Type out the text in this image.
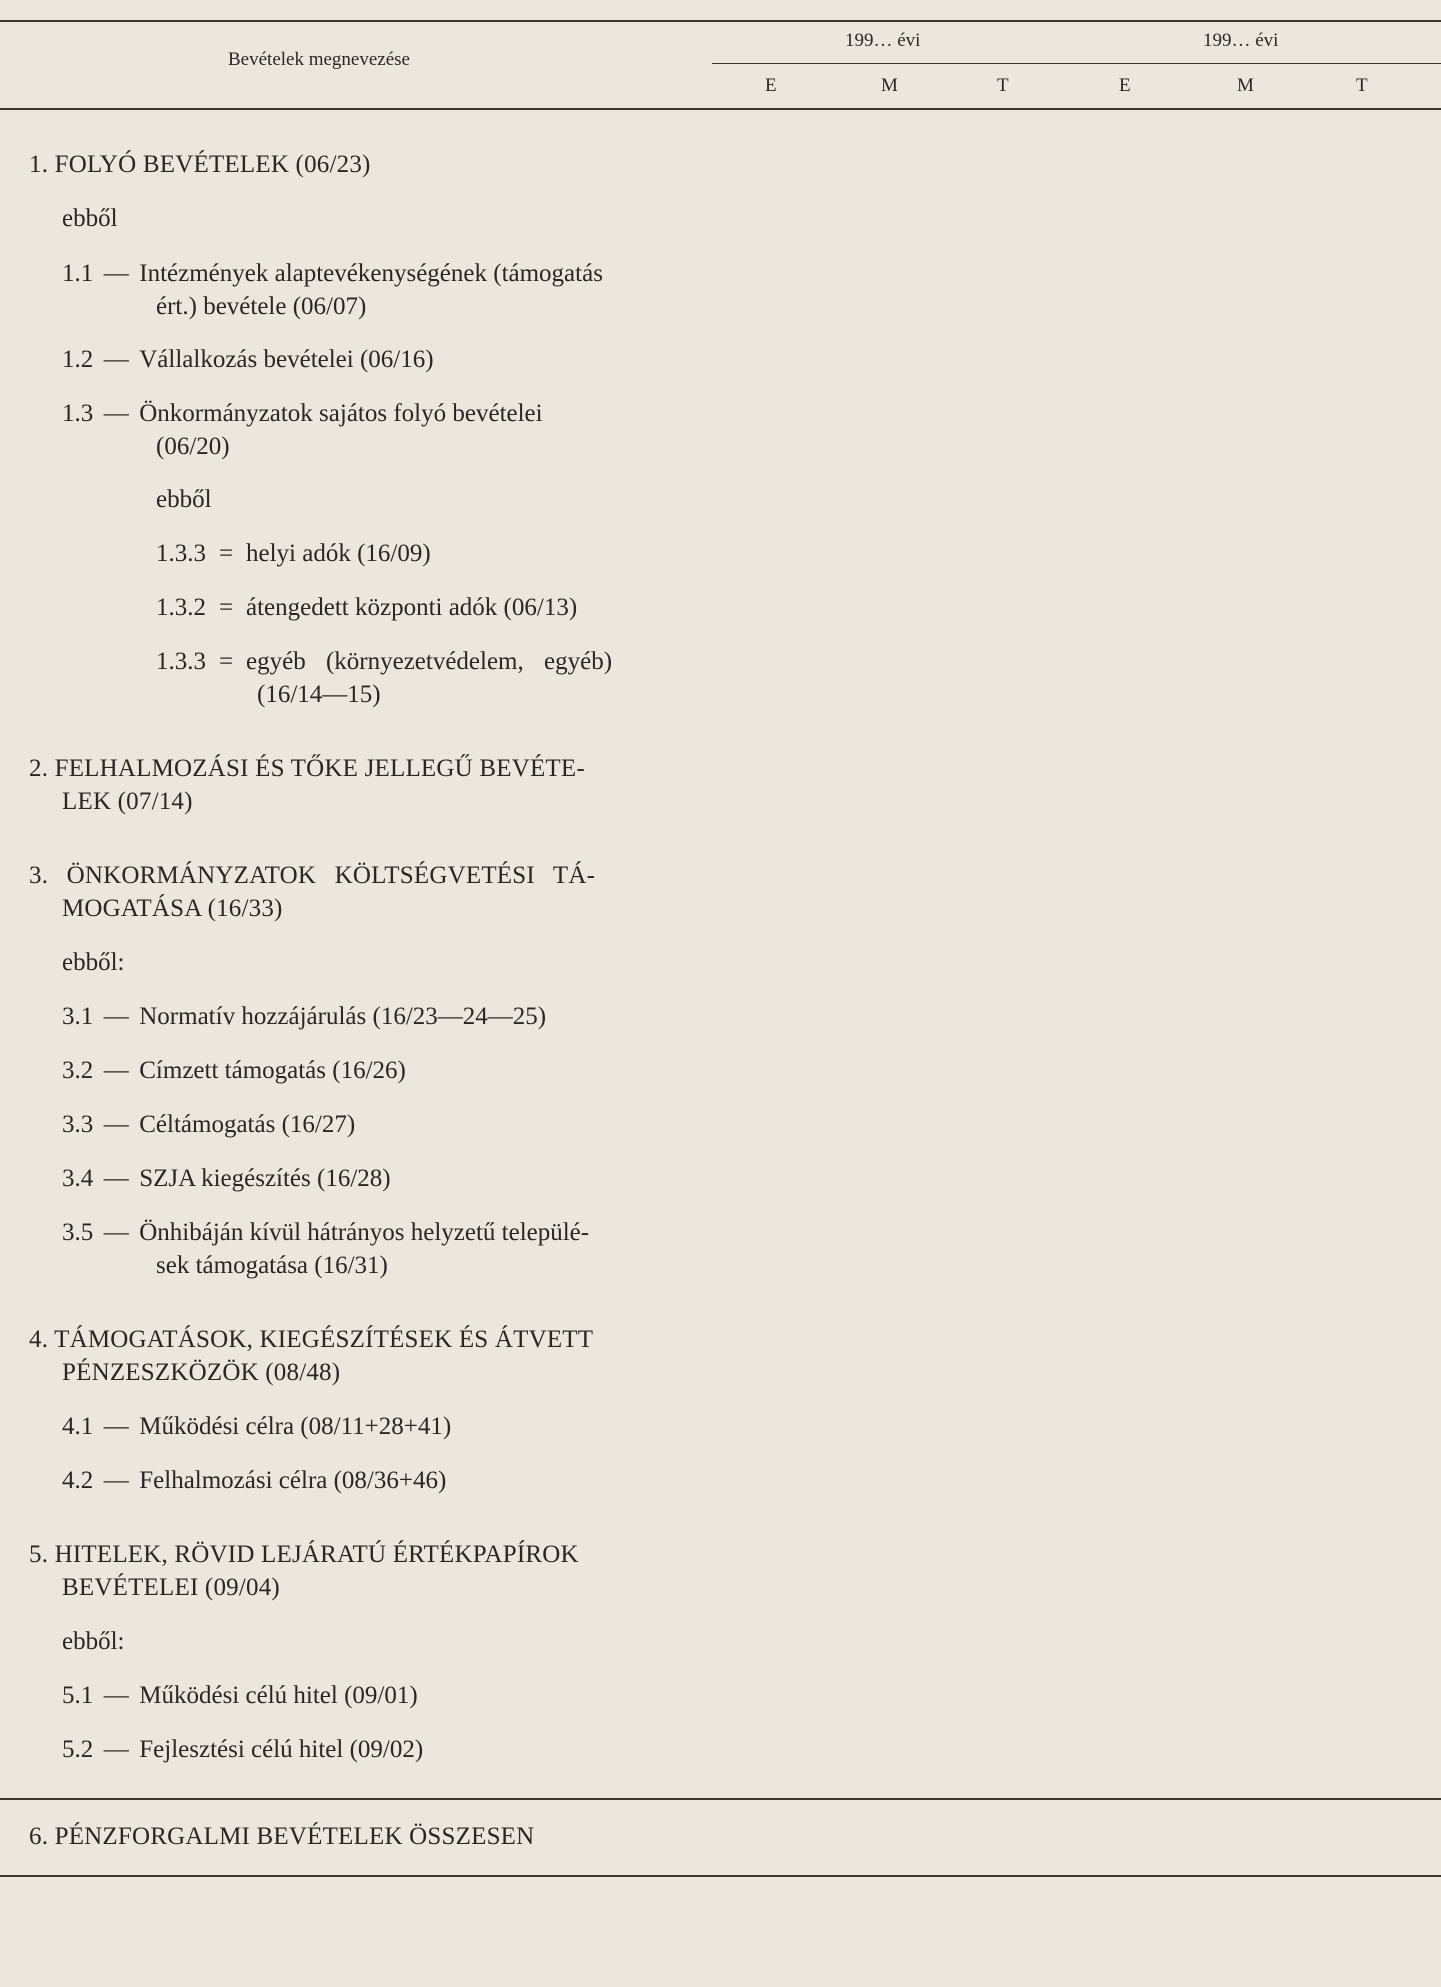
Bevételek megnevezése
199… évi	199… évi
E	M	T	E	M	T
1. FOLYÓ BEVÉTELEK (06/23)
ebből
1.1 — Intézmények alaptevékenységének (támogatás
ért.) bevétele (06/07)
1.2 — Vállalkozás bevételei (06/16)
1.3 — Önkormányzatok sajátos folyó bevételei
(06/20)
ebből
1.3.3 = helyi adók (16/09)
1.3.2 = átengedett központi adók (06/13)
1.3.3 = egyéb (környezetvédelem, egyéb)
(16/14—15)
2. FELHALMOZÁSI ÉS TŐKE JELLEGŰ BEVÉTE-
LEK (07/14)
3. ÖNKORMÁNYZATOK KÖLTSÉGVETÉSI TÁ-
MOGATÁSA (16/33)
ebből:
3.1 — Normatív hozzájárulás (16/23—24—25)
3.2 — Címzett támogatás (16/26)
3.3 — Céltámogatás (16/27)
3.4 — SZJA kiegészítés (16/28)
3.5 — Önhibáján kívül hátrányos helyzetű települé-
sek támogatása (16/31)
4. TÁMOGATÁSOK, KIEGÉSZÍTÉSEK ÉS ÁTVETT
PÉNZESZKÖZÖK (08/48)
4.1 — Működési célra (08/11+28+41)
4.2 — Felhalmozási célra (08/36+46)
5. HITELEK, RÖVID LEJÁRATÚ ÉRTÉKPAPÍROK
BEVÉTELEI (09/04)
ebből:
5.1 — Működési célú hitel (09/01)
5.2 — Fejlesztési célú hitel (09/02)
6. PÉNZFORGALMI BEVÉTELEK ÖSSZESEN
